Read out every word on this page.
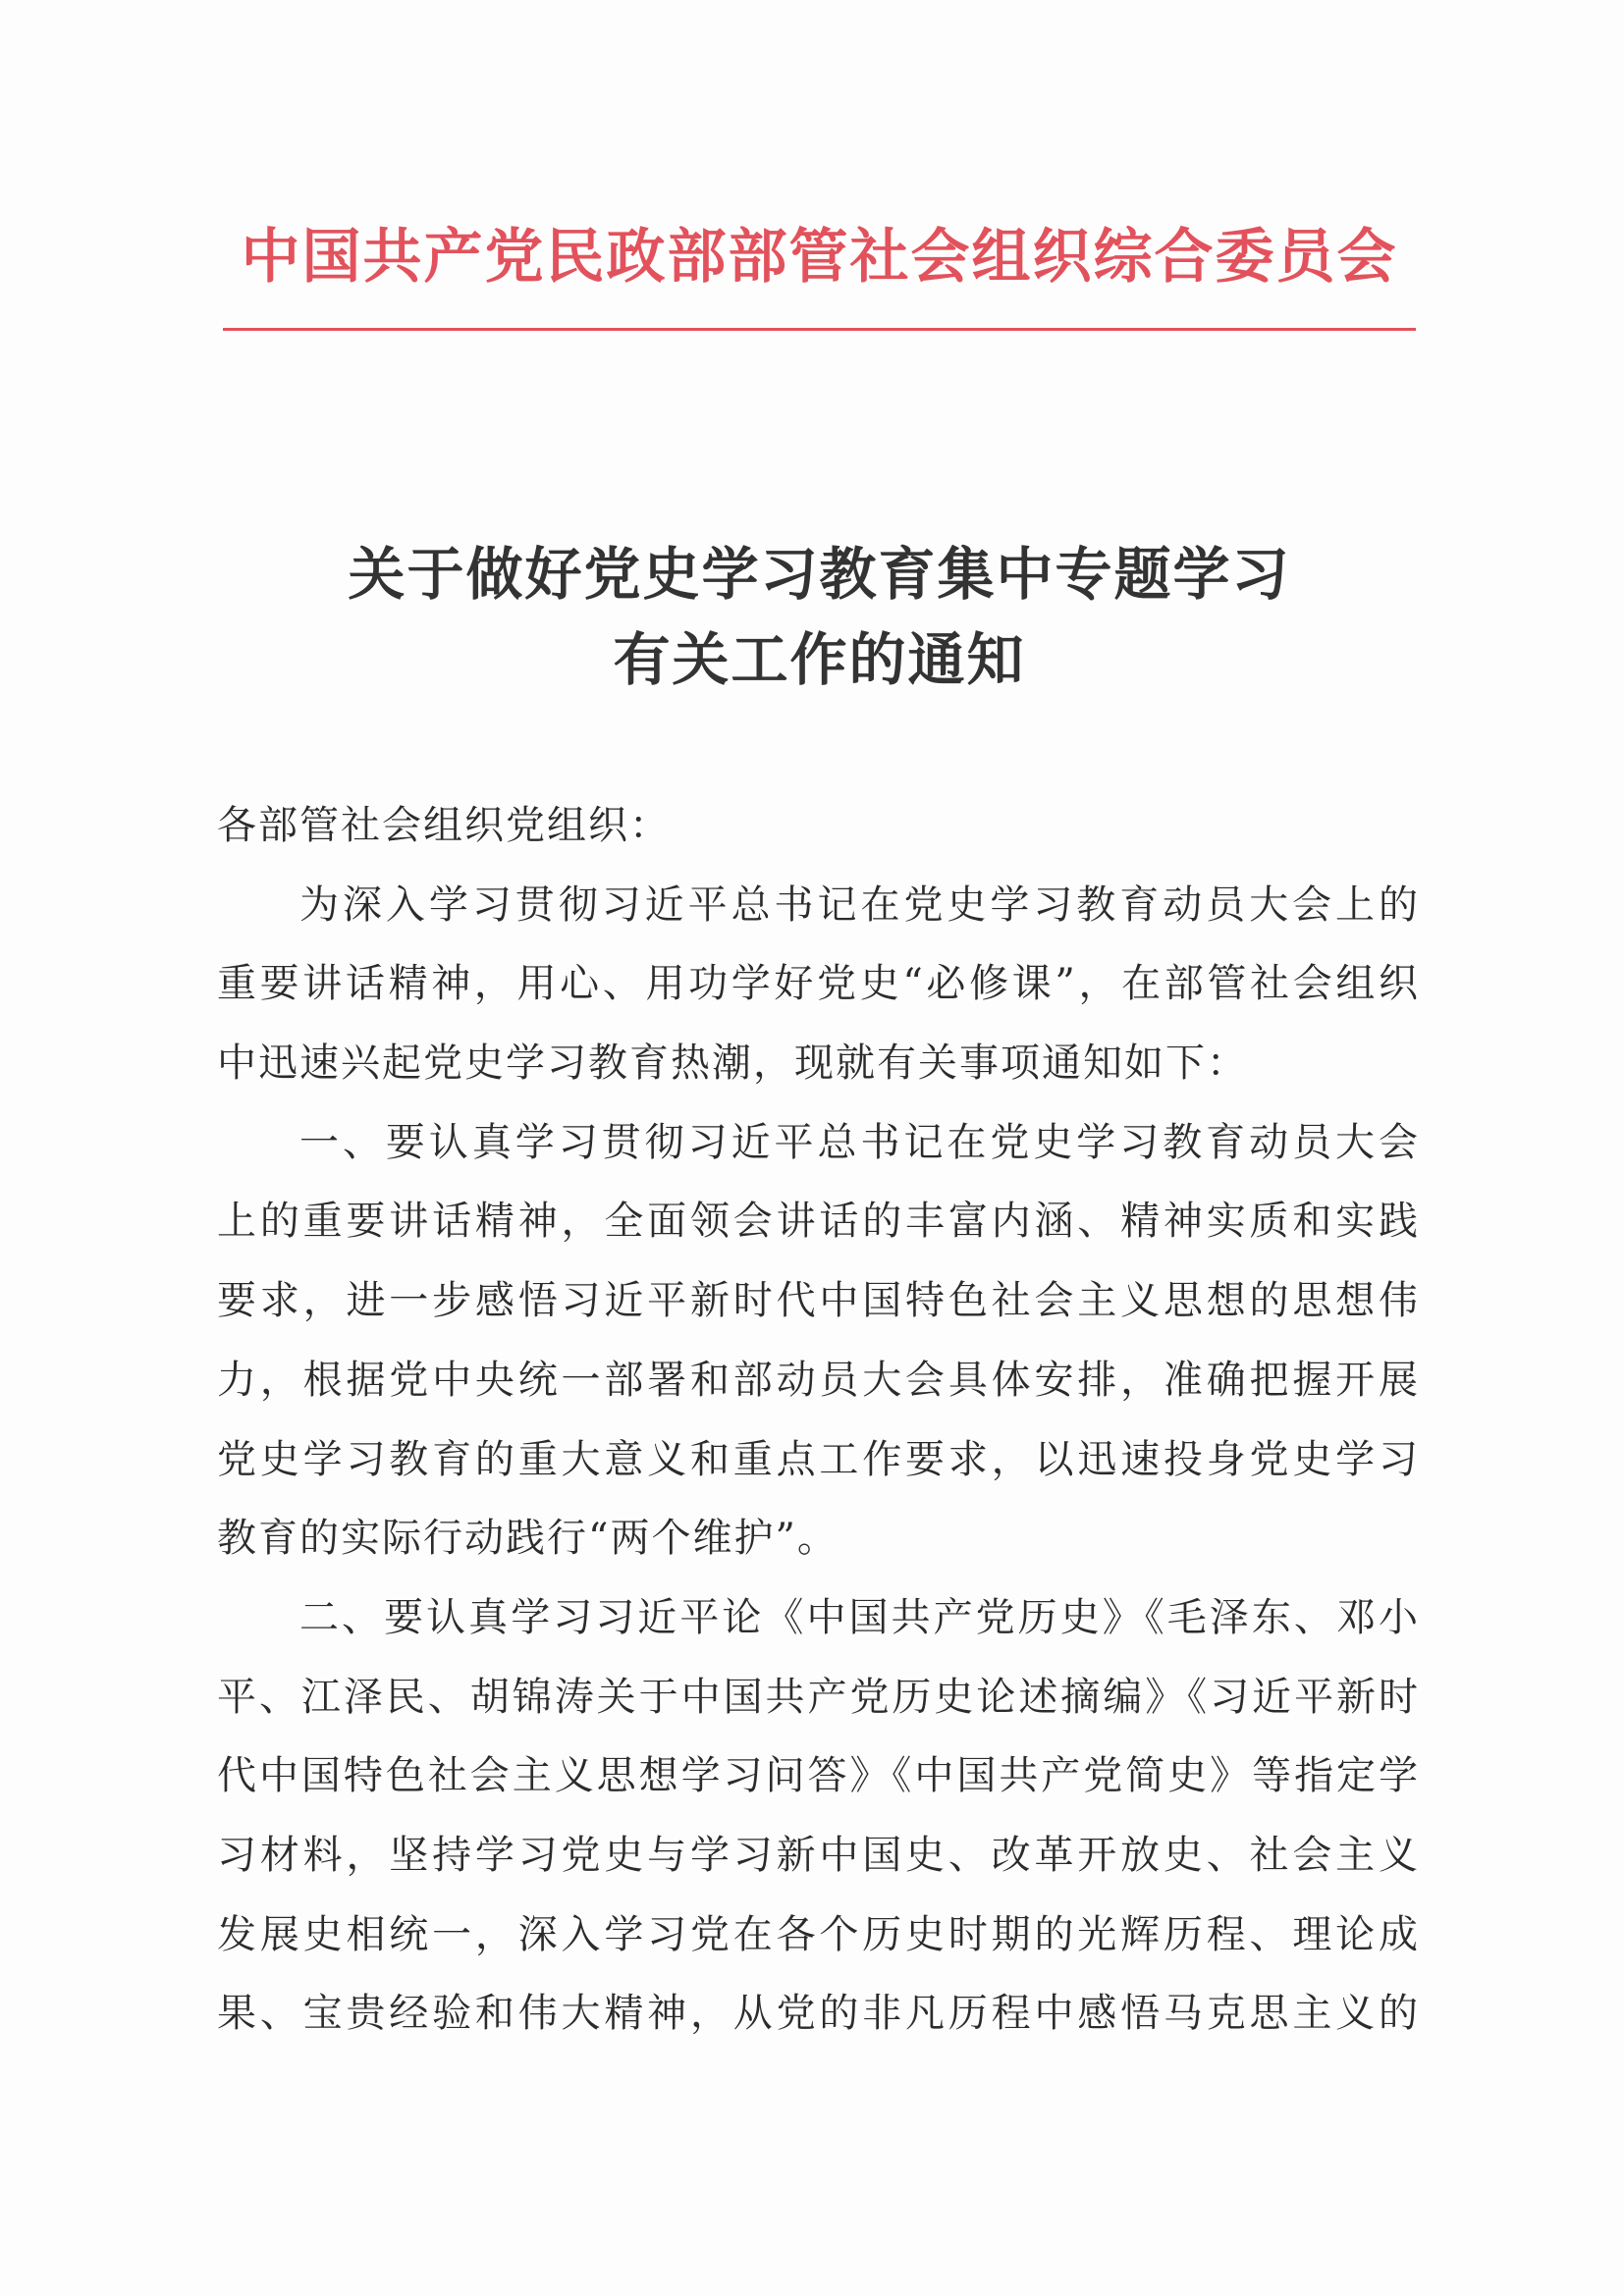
中国共产党民政部部管社会组织综合委员会
关于做好党史学习教育集中专题学习
有关工作的通知
各部管社会组织党组织：
为深入学习贯彻习近平总书记在党史学习教育动员大会上的
重要讲话精神，用心、用功学好党史“必修课”，在部管社会组织
中迅速兴起党史学习教育热潮，现就有关事项通知如下：
一、要认真学习贯彻习近平总书记在党史学习教育动员大会
上的重要讲话精神，全面领会讲话的丰富内涵、精神实质和实践
要求，进一步感悟习近平新时代中国特色社会主义思想的思想伟
力，根据党中央统一部署和部动员大会具体安排，准确把握开展
党史学习教育的重大意义和重点工作要求，以迅速投身党史学习
教育的实际行动践行“两个维护”。
二、要认真学习习近平论《中国共产党历史》《毛泽东、邓小
平、江泽民、胡锦涛关于中国共产党历史论述摘编》《习近平新时
代中国特色社会主义思想学习问答》《中国共产党简史》等指定学
习材料，坚持学习党史与学习新中国史、改革开放史、社会主义
发展史相统一，深入学习党在各个历史时期的光辉历程、理论成
果、宝贵经验和伟大精神，从党的非凡历程中感悟马克思主义的
